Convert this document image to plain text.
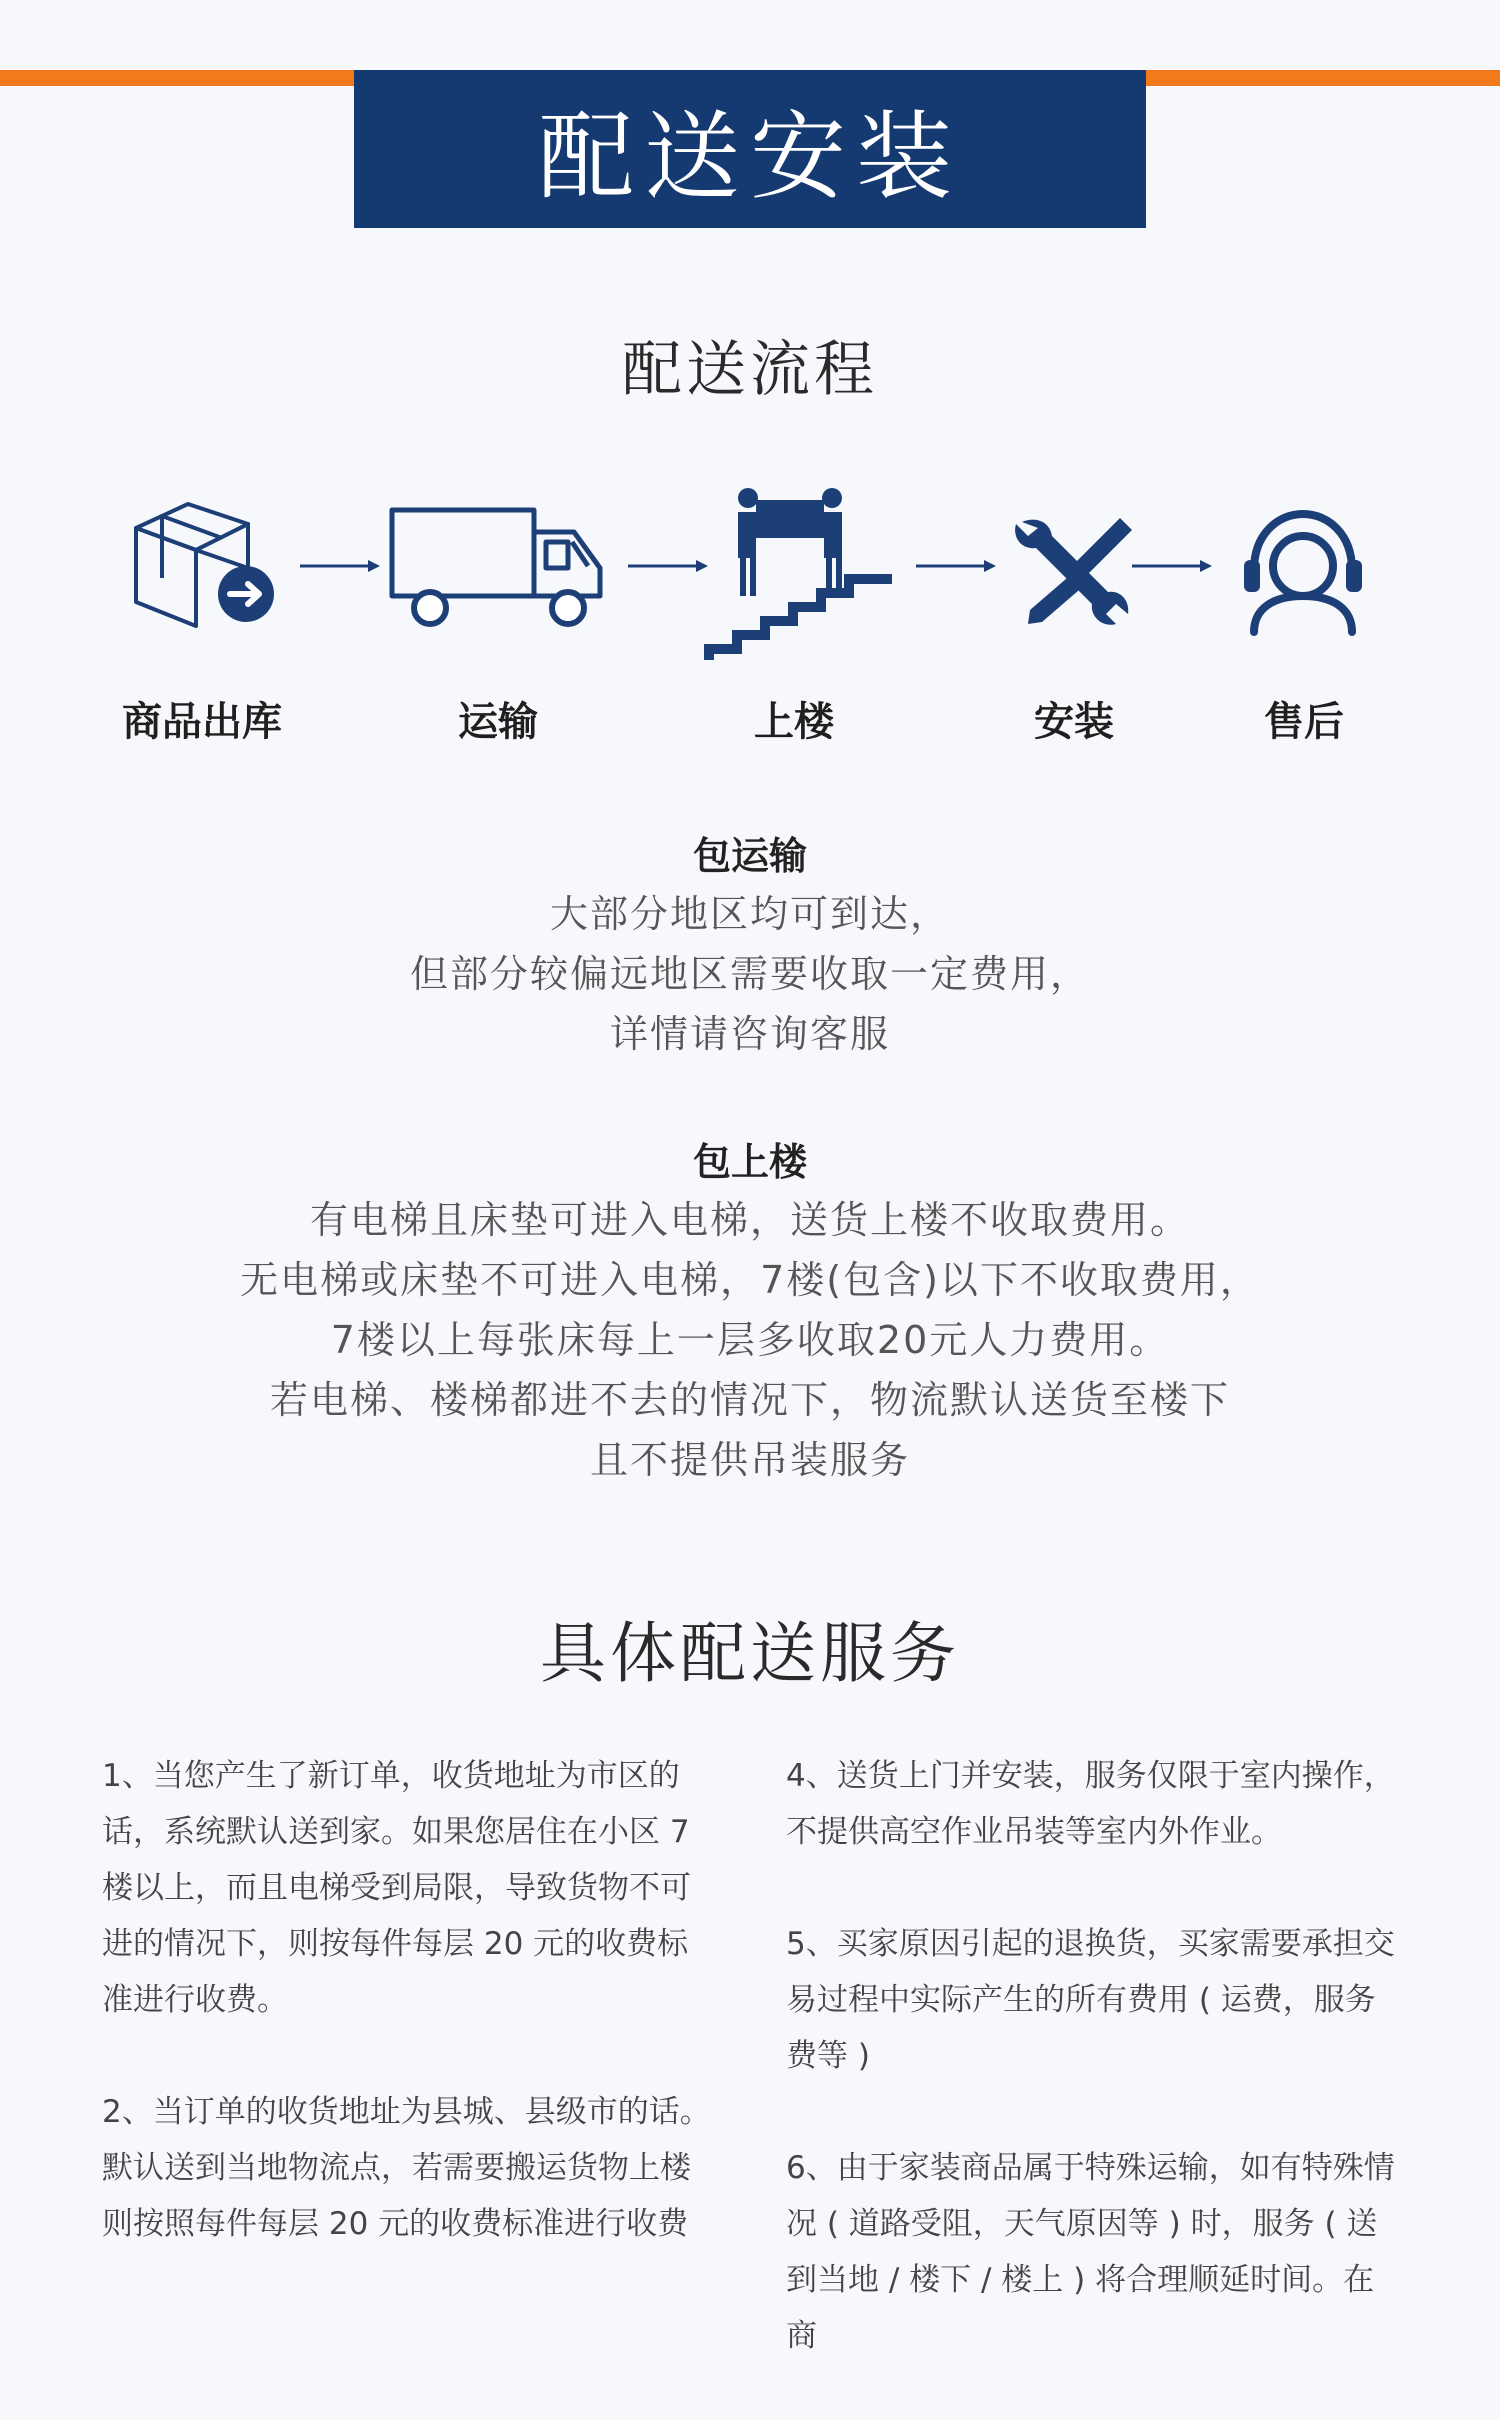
配送安装
配送流程
商品出库	运输	上楼	安装	售后
包运输
大部分地区均可到达，
但部分较偏远地区需要收取一定费用，
详情请咨询客服
包上楼
有电梯且床垫可进入电梯，送货上楼不收取费用。
无电梯或床垫不可进入电梯，7楼(包含)以下不收取费用，
7楼以上每张床每上一层多收取20元人力费用。
若电梯、楼梯都进不去的情况下，物流默认送货至楼下
且不提供吊装服务
具体配送服务

1、当您产生了新订单，收货地址为市区的话，系统默认送到家。如果您居住在小区 7 楼以上，而且电梯受到局限，导致货物不可进的情况下，则按每件每层 20 元的收费标准进行收费。

2、当订单的收货地址为县城、县级市的话。默认送到当地物流点，若需要搬运货物上楼则按照每件每层 20 元的收费标准进行收费

4、送货上门并安装，服务仅限于室内操作，不提供高空作业吊装等室内外作业。

5、买家原因引起的退换货，买家需要承担交易过程中实际产生的所有费用 ( 运费，服务费等 )

6、由于家装商品属于特殊运输，如有特殊情况 ( 道路受阻，天气原因等 ) 时，服务 ( 送到当地 / 楼下 / 楼上 ) 将合理顺延时间。在商
